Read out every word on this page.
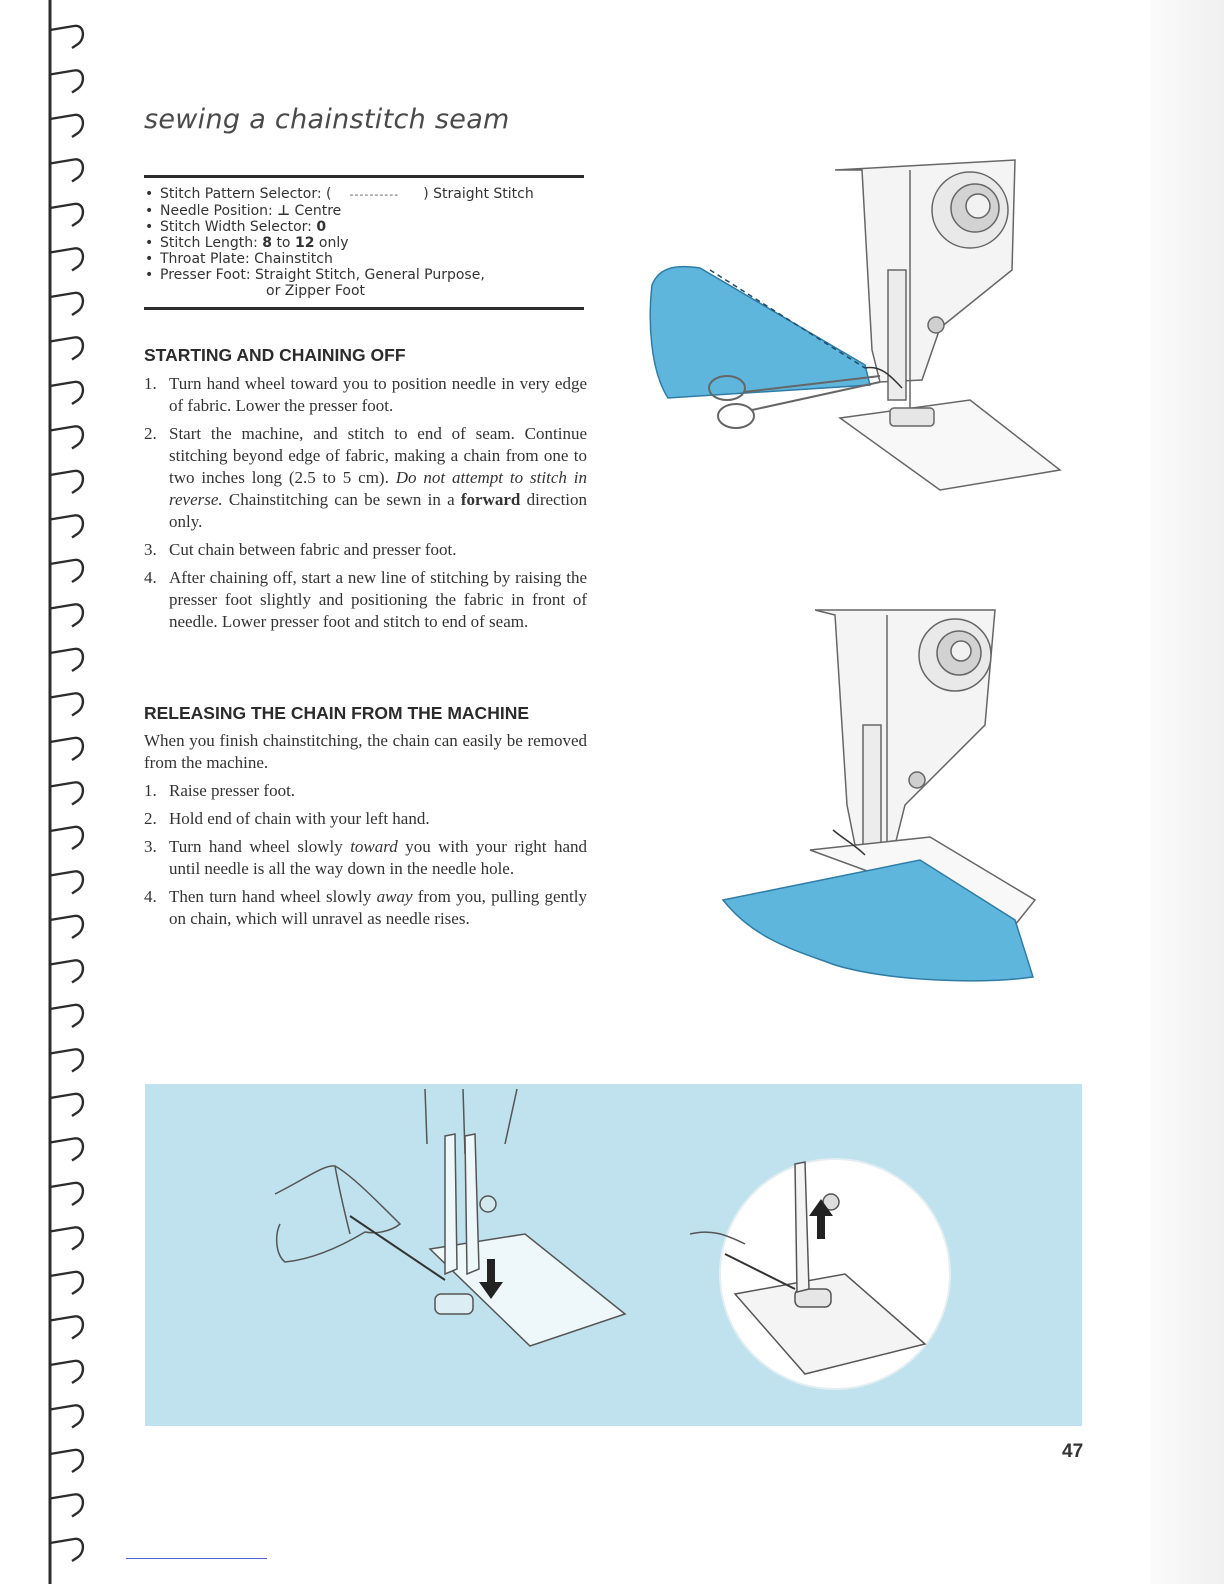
sewing a chainstitch seam
• Stitch Pattern Selector: ( ---------- ) Straight Stitch
• Needle Position: ⊥ Centre
• Stitch Width Selector: 0
• Stitch Length: 8 to 12 only
• Throat Plate: Chainstitch
• Presser Foot: Straight Stitch, General Purpose,
or Zipper Foot
STARTING AND CHAINING OFF
1. Turn hand wheel toward you to position needle in very edge of fabric. Lower the presser foot.
2. Start the machine, and stitch to end of seam. Continue stitching beyond edge of fabric, making a chain from one to two inches long (2.5 to 5 cm). Do not attempt to stitch in reverse. Chainstitching can be sewn in a forward direction only.
3. Cut chain between fabric and presser foot.
4. After chaining off, start a new line of stitching by raising the presser foot slightly and positioning the fabric in front of needle. Lower presser foot and stitch to end of seam.
RELEASING THE CHAIN FROM THE MACHINE

When you finish chainstitching, the chain can easily be removed from the machine.

1. Raise presser foot.
2. Hold end of chain with your left hand.
3. Turn hand wheel slowly toward you with your right hand until needle is all the way down in the needle hole.
4. Then turn hand wheel slowly away from you, pulling gently on chain, which will unravel as needle rises.
47
